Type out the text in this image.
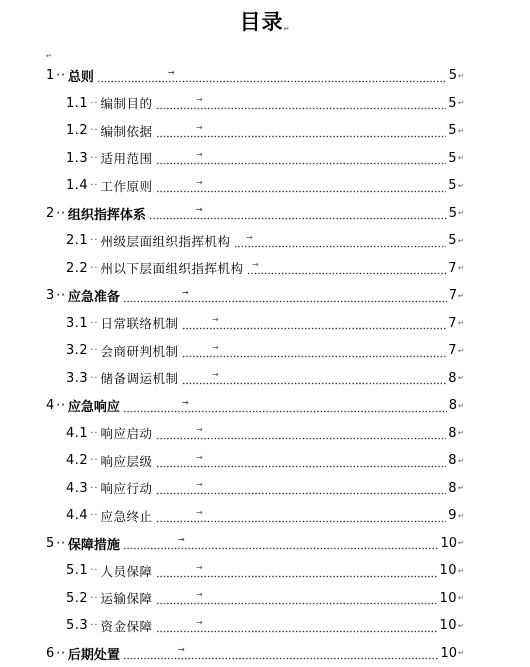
目录↵
↵
1 ·· 总则	→	5 ↵
1.1 ·· 编制目的	→	5 ↵
1.2 ·· 编制依据	→	5 ↵
1.3 ·· 适用范围	→	5 ↵
1.4 ·· 工作原则	→	5 ↵
2 ·· 组织指挥体系	→	5 ↵
2.1 ·· 州级层面组织指挥机构 →	5 ↵
2.2 ·· 州以下层面组织指挥机构 →	7 ↵
3 ·· 应急准备	→	7 ↵
3.1 ·· 日常联络机制	→	7 ↵
3.2 ·· 会商研判机制	→	7 ↵
3.3 ·· 储备调运机制	→	8 ↵
4 ·· 应急响应	→	8 ↵
4.1 ·· 响应启动	→	8 ↵
4.2 ·· 响应层级	→	8 ↵
4.3 ·· 响应行动	→	8 ↵
4.4 ·· 应急终止	→	9 ↵
5 ·· 保障措施	→	10 ↵
5.1 ·· 人员保障	→	10 ↵
5.2 ·· 运输保障	→	10 ↵
5.3 ·· 资金保障	→	10 ↵
6 ·· 后期处置	→	10 ↵
